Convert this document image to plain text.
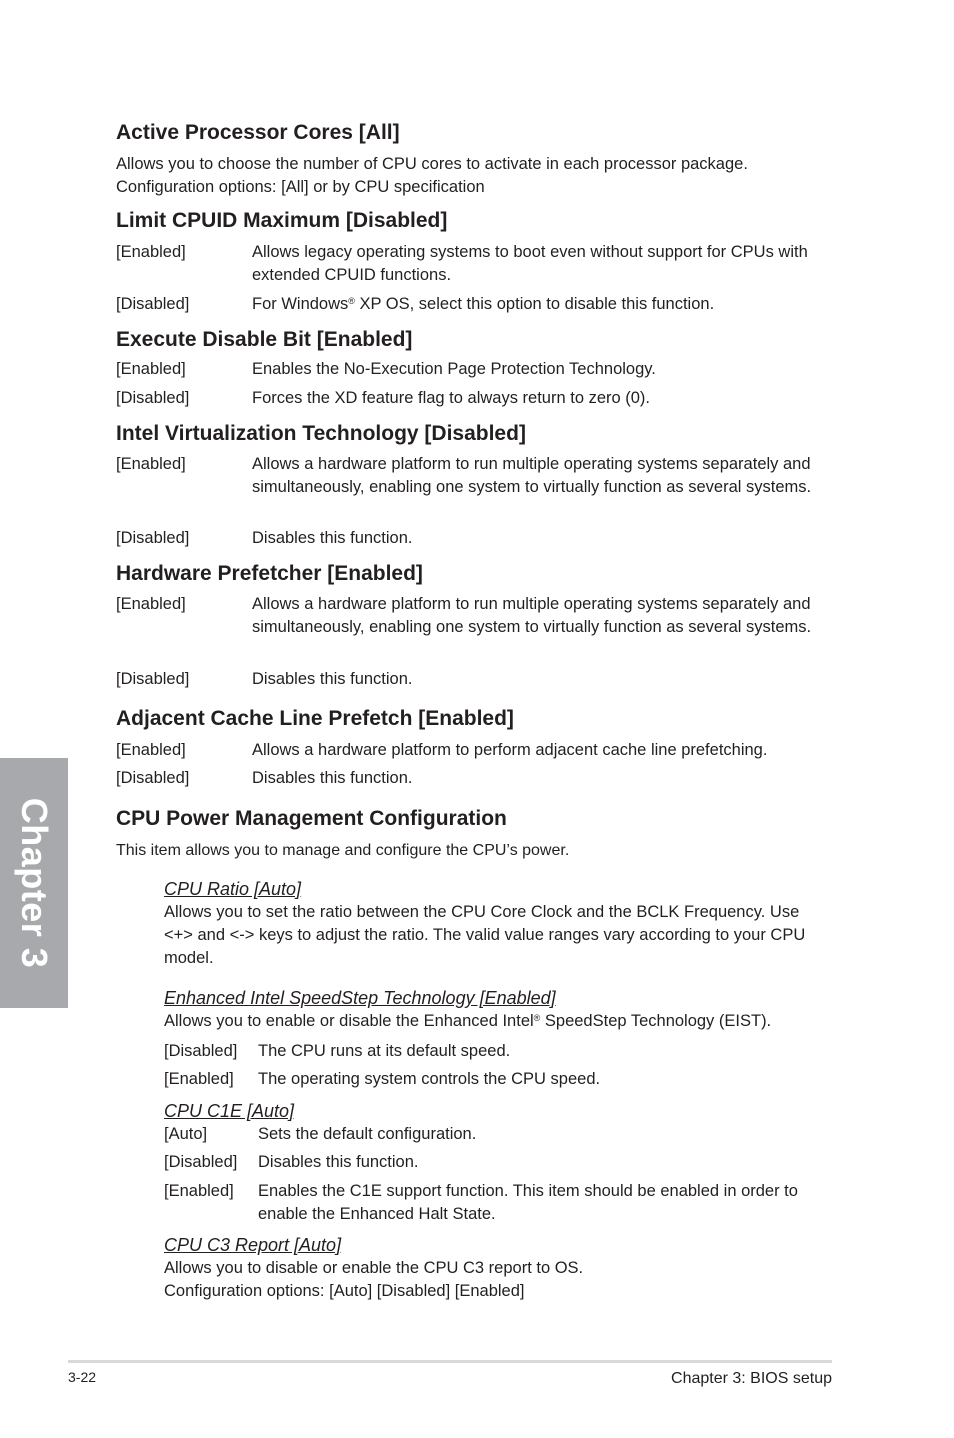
Chapter 3
Active Processor Cores [All]
Allows you to choose the number of CPU cores to activate in each processor package.
Configuration options: [All] or by CPU specification
Limit CPUID Maximum [Disabled]
[Enabled]	Allows legacy operating systems to boot even without support for CPUs with extended CPUID functions.
[Disabled]	For Windows® XP OS, select this option to disable this function.
Execute Disable Bit [Enabled]
[Enabled]	Enables the No-Execution Page Protection Technology.
[Disabled]	Forces the XD feature flag to always return to zero (0).
Intel Virtualization Technology [Disabled]
[Enabled]	Allows a hardware platform to run multiple operating systems separately and simultaneously, enabling one system to virtually function as several systems.
[Disabled]	Disables this function.
Hardware Prefetcher [Enabled]
[Enabled]	Allows a hardware platform to run multiple operating systems separately and simultaneously, enabling one system to virtually function as several systems.
[Disabled]	Disables this function.
Adjacent Cache Line Prefetch [Enabled]
[Enabled]	Allows a hardware platform to perform adjacent cache line prefetching.
[Disabled]	Disables this function.
CPU Power Management Configuration
This item allows you to manage and configure the CPU’s power.
CPU Ratio [Auto]
Allows you to set the ratio between the CPU Core Clock and the BCLK Frequency. Use <+> and <-> keys to adjust the ratio. The valid value ranges vary according to your CPU model.
Enhanced Intel SpeedStep Technology [Enabled]
Allows you to enable or disable the Enhanced Intel® SpeedStep Technology (EIST).
[Disabled] The CPU runs at its default speed.
[Enabled] The operating system controls the CPU speed.
CPU C1E [Auto]
[Auto]	Sets the default configuration.
[Disabled] Disables this function.
[Enabled] Enables the C1E support function. This item should be enabled in order to enable the Enhanced Halt State.
CPU C3 Report [Auto]
Allows you to disable or enable the CPU C3 report to OS.
Configuration options: [Auto] [Disabled] [Enabled]
3-22	Chapter 3: BIOS setup
